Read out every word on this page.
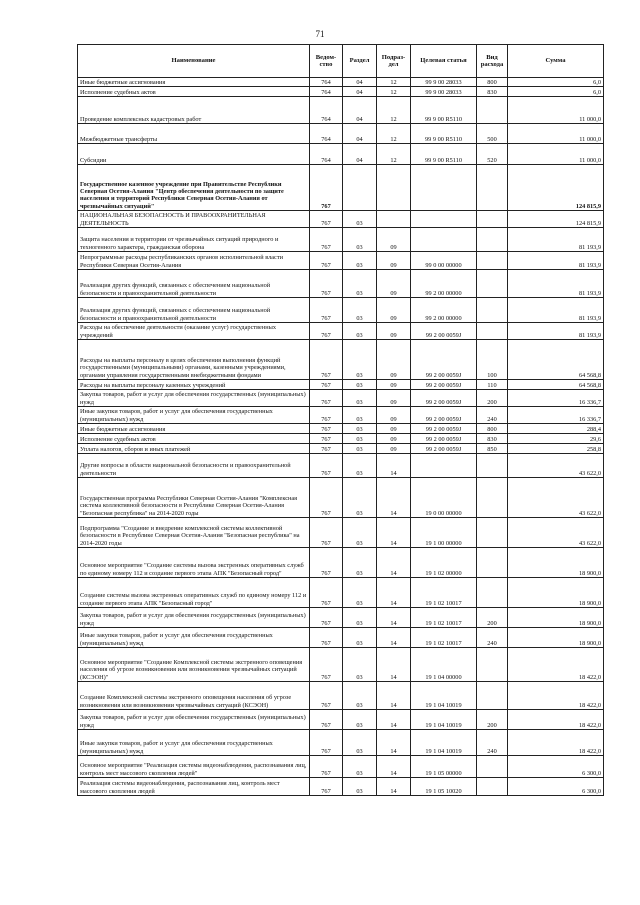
71
Наименование	Ведом-ство	Раздел	Подраз-дел	Целевая статья	Вид расхода	Сумма
Иные бюджетные ассигнования	764	04	12	99 9 00 28033	800	6,0
Исполнение судебных актов	764	04	12	99 9 00 28033	830	6,0
Проведение комплексных кадастровых работ	764	04	12	99 9 00 R5110		11 000,0
Межбюджетные трансферты	764	04	12	99 9 00 R5110	500	11 000,0
Субсидии	764	04	12	99 9 00 R5110	520	11 000,0
Государственное казенное учреждение при Правительстве Республики Северная Осетия-Алания "Центр обеспечения деятельности по защите населения и территорий Республики Северная Осетия-Алания от чрезвычайных ситуаций"	767					124 815,9
НАЦИОНАЛЬНАЯ БЕЗОПАСНОСТЬ И ПРАВООХРАНИТЕЛЬНАЯ ДЕЯТЕЛЬНОСТЬ	767	03				124 815,9
Защита населения и территории от чрезвычайных ситуаций природного и техногенного характера, гражданская оборона	767	03	09			81 193,9
Непрограммные расходы республиканских органов исполнительной власти Республики Северная Осетия-Алания	767	03	09	99 0 00 00000		81 193,9
Реализация других функций, связанных с обеспечением национальной безопасности и правоохранительной деятельности	767	03	09	99 2 00 00000		81 193,9
Реализация других функций, связанных с обеспечением национальной безопасности и правоохранительной деятельности	767	03	09	99 2 00 00000		81 193,9
Расходы на обеспечение деятельности (оказание услуг) государственных учреждений	767	03	09	99 2 00 0059J		81 193,9
Расходы на выплаты персоналу в целях обеспечения выполнения функций государственными (муниципальными) органами, казенными учреждениями, органами управления государственными внебюджетными фондами	767	03	09	99 2 00 0059J	100	64 568,8
Расходы на выплаты персоналу казенных учреждений	767	03	09	99 2 00 0059J	110	64 568,8
Закупка товаров, работ и услуг для обеспечения государственных (муниципальных) нужд	767	03	09	99 2 00 0059J	200	16 336,7
Иные закупки товаров, работ и услуг для обеспечения государственных (муниципальных) нужд	767	03	09	99 2 00 0059J	240	16 336,7
Иные бюджетные ассигнования	767	03	09	99 2 00 0059J	800	288,4
Исполнение судебных актов	767	03	09	99 2 00 0059J	830	29,6
Уплата налогов, сборов и иных платежей	767	03	09	99 2 00 0059J	850	258,8
Другие вопросы в области национальной безопасности и правоохранительной деятельности	767	03	14			43 622,0
Государственная программа Республики Северная Осетия-Алания "Комплексная система коллективной безопасности в Республике Северная Осетия-Алания "Безопасная республика" на 2014-2020 годы	767	03	14	19 0 00 00000		43 622,0
Подпрограмма "Создание и внедрение комплексной системы коллективной безопасности в Республике Северная Осетия-Алания "Безопасная республика" на 2014-2020 годы	767	03	14	19 1 00 00000		43 622,0
Основное мероприятие "Создание системы вызова экстренных оперативных служб по единому номеру 112 и создание первого этапа АПК "Безопасный город"	767	03	14	19 1 02 00000		18 900,0
Создание системы вызова экстренных оперативных служб по единому номеру 112 и создание первого этапа АПК "Безопасный город"	767	03	14	19 1 02 10017		18 900,0
Закупка товаров, работ и услуг для обеспечения государственных (муниципальных) нужд	767	03	14	19 1 02 10017	200	18 900,0
Иные закупки товаров, работ и услуг для обеспечения государственных (муниципальных) нужд	767	03	14	19 1 02 10017	240	18 900,0
Основное мероприятие "Создание Комплексной системы экстренного оповещения населения об угрозе возникновения или возникновении чрезвычайных ситуаций (КСЭОН)"	767	03	14	19 1 04 00000		18 422,0
Создание Комплексной системы экстренного оповещения населения об угрозе возникновения или возникновении чрезвычайных ситуаций (КСЭОН)	767	03	14	19 1 04 10019		18 422,0
Закупка товаров, работ и услуг для обеспечения государственных (муниципальных) нужд	767	03	14	19 1 04 10019	200	18 422,0
Иные закупки товаров, работ и услуг для обеспечения государственных (муниципальных) нужд	767	03	14	19 1 04 10019	240	18 422,0
Основное мероприятие "Реализация системы видеонаблюдения, распознавания лиц, контроль мест массового скопления людей"	767	03	14	19 1 05 00000		6 300,0
Реализация системы видеонаблюдения, распознавания лиц, контроль мест массового скопления людей	767	03	14	19 1 05 10020		6 300,0
